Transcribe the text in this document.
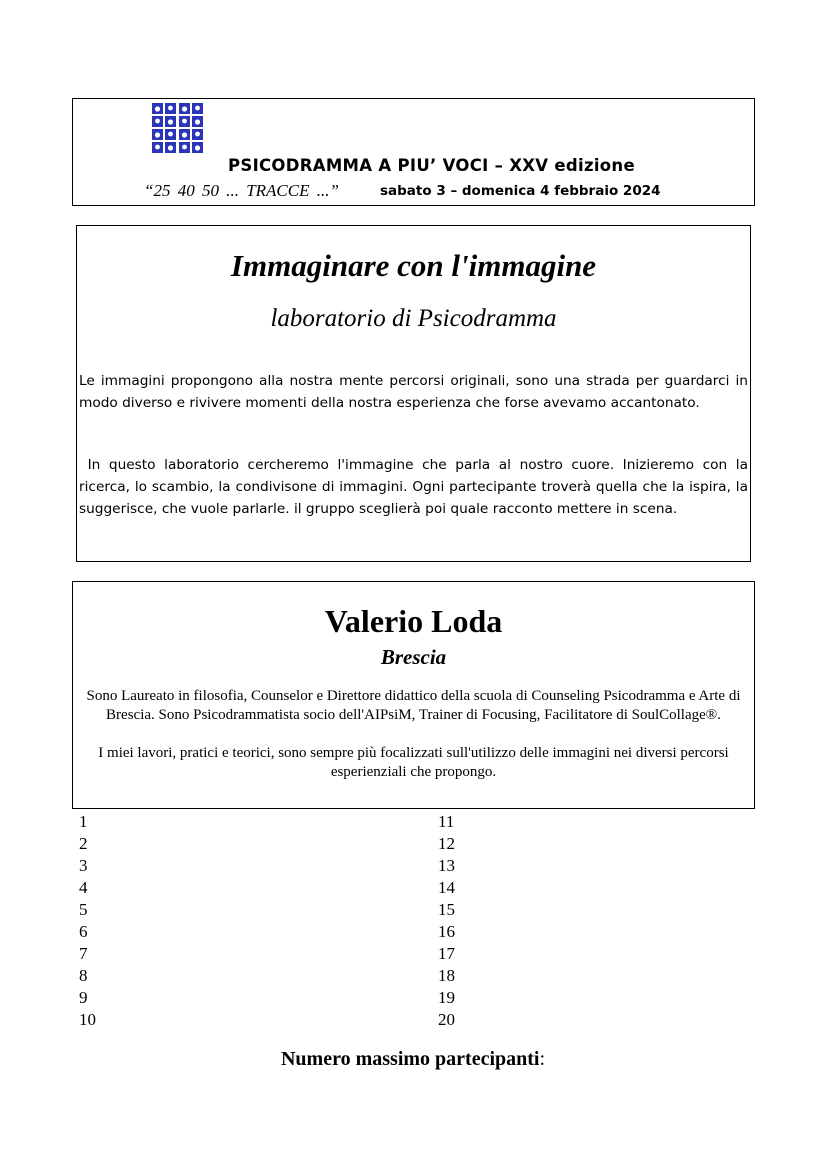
PSICODRAMMA A PIU’ VOCI – XXV edizione
“25 40 50 ... TRACCE ...”	sabato 3 – domenica 4 febbraio 2024
Immaginare con l'immagine
laboratorio di Psicodramma

Le immagini propongono alla nostra mente percorsi originali, sono una strada per guardarci in modo diverso e rivivere momenti della nostra esperienza che forse avevamo accantonato.

In questo laboratorio cercheremo l'immagine che parla al nostro cuore. Inizieremo con la ricerca, lo scambio, la condivisone di immagini. Ogni partecipante troverà quella che la ispira, la suggerisce, che vuole parlarle. il gruppo sceglierà poi quale racconto mettere in scena.

Valerio Loda
Brescia

Sono Laureato in filosofia, Counselor e Direttore didattico della scuola di Counseling Psicodramma e Arte di Brescia. Sono Psicodrammatista socio dell'AIPsiM, Trainer di Focusing, Facilitatore di SoulCollage®.

I miei lavori, pratici e teorici, sono sempre più focalizzati sull'utilizzo delle immagini nei diversi percorsi esperienziali che propongo.

1
2
3
4
5
6
7
8
9
10
11
12
13
14
15
16
17
18
19
20
Numero massimo partecipanti:
